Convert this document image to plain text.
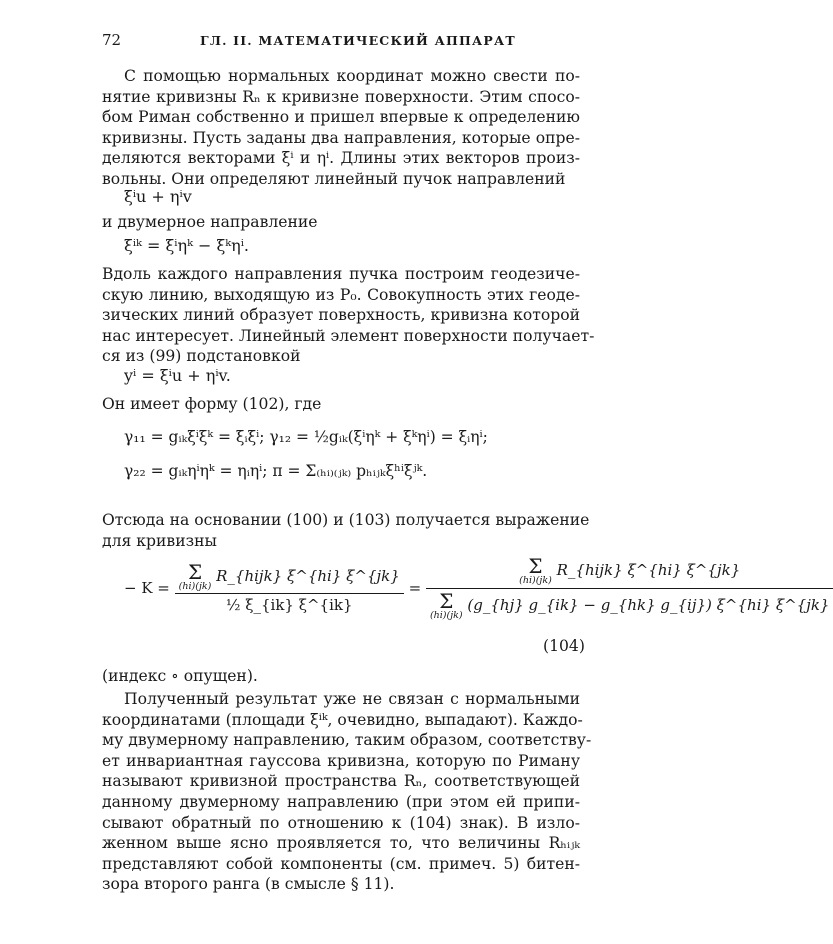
72	ГЛ. II. МАТЕМАТИЧЕСКИЙ АППАРАТ
С помощью нормальных координат можно свести по-
нятие кривизны Rₙ к кривизне поверхности. Этим спосо-
бом Риман собственно и пришел впервые к определению
кривизны. Пусть заданы два направления, которые опре-
деляются векторами ξⁱ и ηⁱ. Длины этих векторов произ-
вольны. Они определяют линейный пучок направлений
ξⁱu + ηⁱv
и двумерное направление
ξⁱᵏ = ξⁱηᵏ − ξᵏηⁱ.
Вдоль каждого направления пучка построим геодезиче-
скую линию, выходящую из P₀. Совокупность этих геоде-
зических линий образует поверхность, кривизна которой
нас интересует. Линейный элемент поверхности получает-
ся из (99) подстановкой
yⁱ = ξⁱu + ηⁱv.
Он имеет форму (102), где
γ₁₁ = gᵢₖξⁱξᵏ = ξᵢξⁱ; γ₁₂ = ½gᵢₖ(ξⁱηᵏ + ξᵏηⁱ) = ξᵢηⁱ;
γ₂₂ = gᵢₖηⁱηᵏ = ηᵢηⁱ; π = Σ₍ₕᵢ₎₍ⱼₖ₎ pₕᵢⱼₖξʰⁱξʲᵏ.
Отсюда на основании (100) и (103) получается выражение
для кривизны
− K = Σ
(hi)(jk)
R_{hijk} ξ^{hi} ξ^{jk}
½ ξ_{ik} ξ^{ik} =
Σ
(hi)(jk)
R_{hijk} ξ^{hi} ξ^{jk}
Σ
(hi)(jk)
(g_{hj} g_{ik} − g_{hk} g_{ij}) ξ^{hi} ξ^{jk}
(104)
(индекс ∘ опущен).
Полученный результат уже не связан с нормальными
координатами (площади ξⁱᵏ, очевидно, выпадают). Каждо-
му двумерному направлению, таким образом, соответству-
ет инвариантная гауссова кривизна, которую по Риману
называют кривизной пространства Rₙ, соответствующей
данному двумерному направлению (при этом ей припи-
сывают обратный по отношению к (104) знак). В изло-
женном выше ясно проявляется то, что величины Rₕᵢⱼₖ
представляют собой компоненты (см. примеч. 5) битен-
зора второго ранга (в смысле § 11).
